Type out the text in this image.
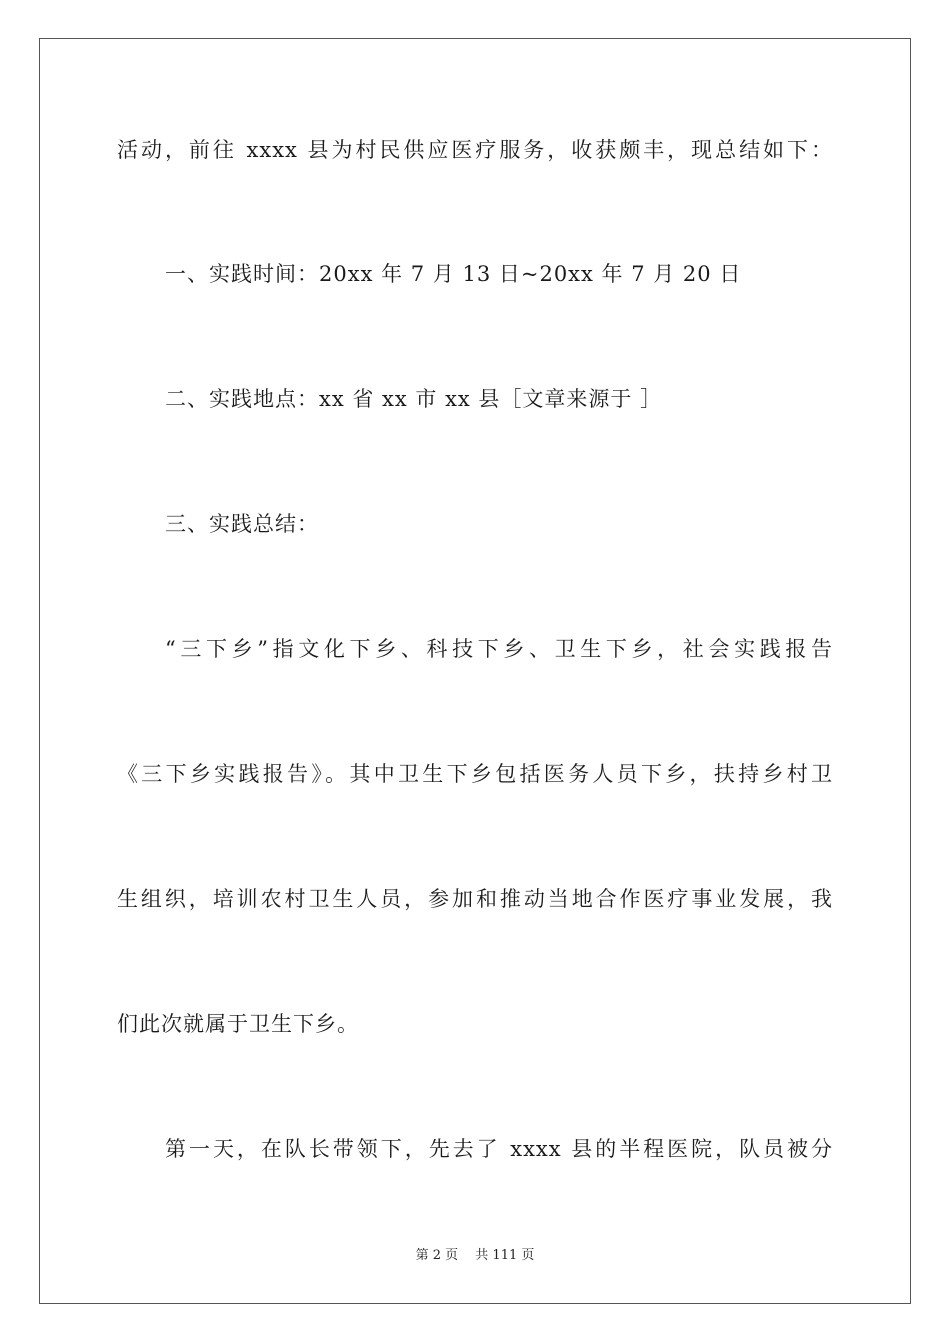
活动，前往 xxxx 县为村民供应医疗服务，收获颇丰，现总结如下：
一、实践时间：20xx 年 7 月 13 日~20xx 年 7 月 20 日
二、实践地点：xx 省 xx 市 xx 县［文章来源于 ］
三、实践总结：
“三下乡”指文化下乡、科技下乡、卫生下乡，社会实践报告
《三下乡实践报告》。其中卫生下乡包括医务人员下乡，扶持乡村卫
生组织，培训农村卫生人员，参加和推动当地合作医疗事业发展，我
们此次就属于卫生下乡。
第一天，在队长带领下，先去了 xxxx 县的半程医院，队员被分
第 2 页　 共 111 页
